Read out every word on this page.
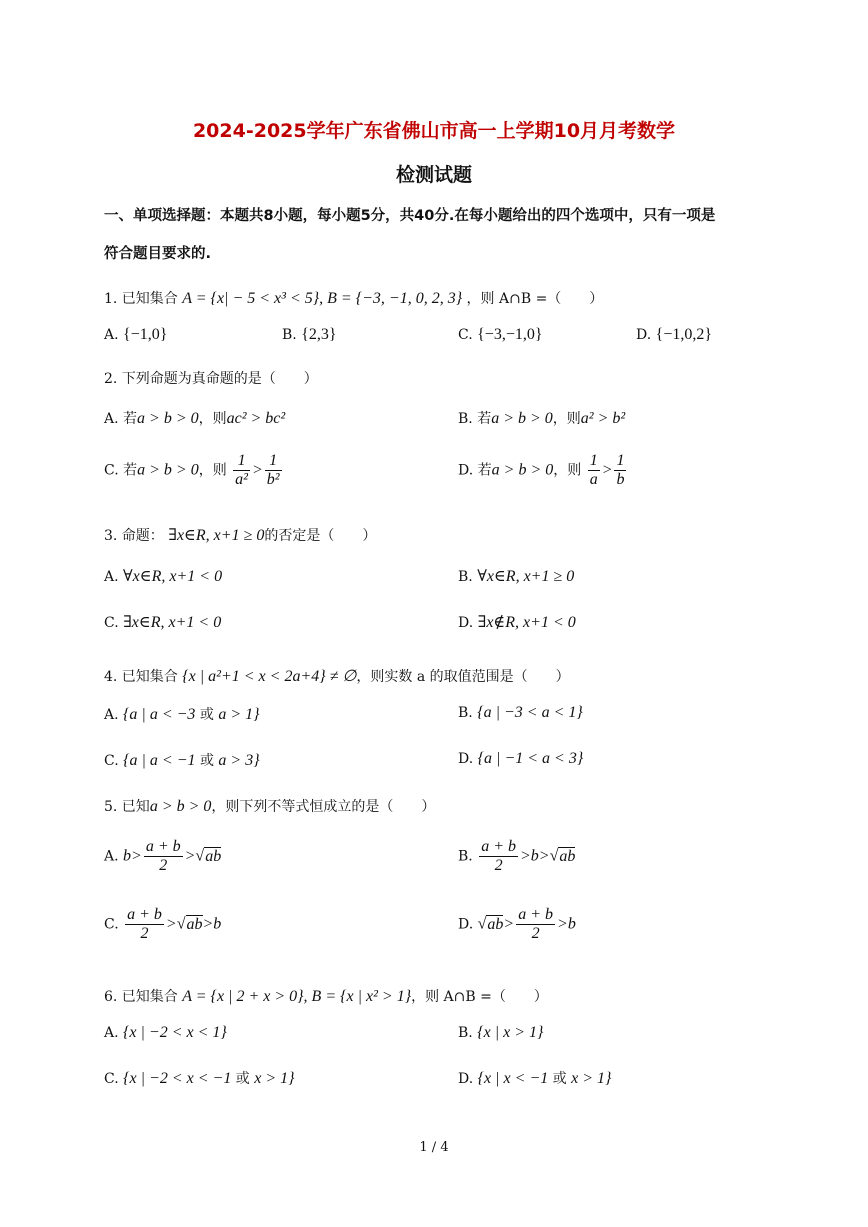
2024-2025学年广东省佛山市高一上学期10月月考数学
检测试题
一、单项选择题：本题共8小题，每小题5分，共40分.在每小题给出的四个选项中，只有一项是
符合题目要求的.
1. 已知集合 A = {x| − 5 < x³ < 5}, B = {−3, −1, 0, 2, 3} ，则 A∩B =（　　）
A. {−1,0}	B. {2,3}	C. {−3,−1,0}	D. {−1,0,2}
2. 下列命题为真命题的是（　　）
A. 若a > b > 0，则ac² > bc²	B. 若a > b > 0，则a² > b²
C. 若a > b > 0，则 $\frac{1}{\text{a²}} > \frac{1}{\text{b²}}$	D. 若a > b > 0，则 $\frac{1}{a} > \frac{1}{b}$
3. 命题： ∃x∈R, x+1 ≥ 0的否定是（　　）
A. ∀x∈R, x+1 < 0	B. ∀x∈R, x+1 ≥ 0
C. ∃x∈R, x+1 < 0	D. ∃x∉R, x+1 < 0
4. 已知集合 {x | a²+1 < x < 2a+4} ≠ ∅，则实数 a 的取值范围是（　　）
A. {a | a < −3 或 a > 1}	B. {a | −3 < a < 1}
C. {a | a < −1 或 a > 3}	D. {a | −1 < a < 3}
5. 已知a > b > 0，则下列不等式恒成立的是（　　）
A. $b> \frac{a + b}{2} >√ab$	B. $\frac{a + b}{2} >b>√ab$
C. $\frac{a + b}{2} >√ab>b$	D. $√ab> \frac{a + b}{2} >b$
6. 已知集合 A = {x | 2 + x > 0}, B = {x | x² > 1}，则 A∩B =（　　）
A. {x | −2 < x < 1}	B. {x | x > 1}
C. {x | −2 < x < −1 或 x > 1}	D. {x | x < −1 或 x > 1}
1 / 4
